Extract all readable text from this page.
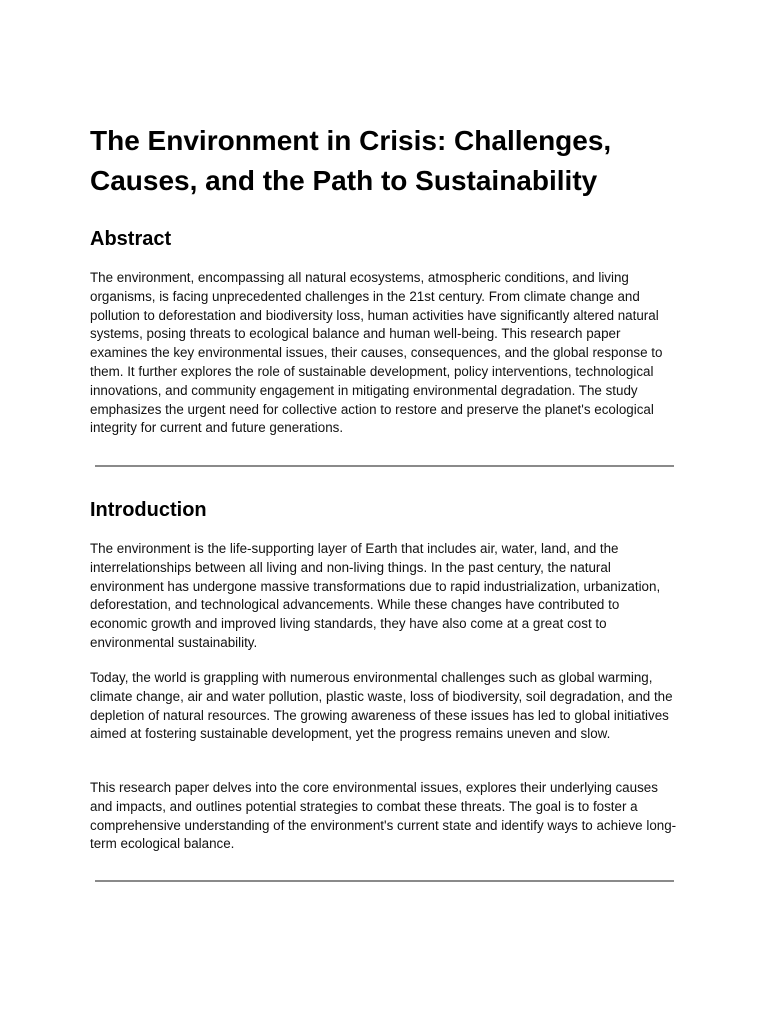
The Environment in Crisis: Challenges, Causes, and the Path to Sustainability
Abstract

The environment, encompassing all natural ecosystems, atmospheric conditions, and living organisms, is facing unprecedented challenges in the 21st century. From climate change and pollution to deforestation and biodiversity loss, human activities have significantly altered natural systems, posing threats to ecological balance and human well-being. This research paper examines the key environmental issues, their causes, consequences, and the global response to them. It further explores the role of sustainable development, policy interventions, technological innovations, and community engagement in mitigating environmental degradation. The study emphasizes the urgent need for collective action to restore and preserve the planet's ecological integrity for current and future generations.

Introduction

The environment is the life-supporting layer of Earth that includes air, water, land, and the interrelationships between all living and non-living things. In the past century, the natural environment has undergone massive transformations due to rapid industrialization, urbanization, deforestation, and technological advancements. While these changes have contributed to economic growth and improved living standards, they have also come at a great cost to environmental sustainability.

Today, the world is grappling with numerous environmental challenges such as global warming, climate change, air and water pollution, plastic waste, loss of biodiversity, soil degradation, and the depletion of natural resources. The growing awareness of these issues has led to global initiatives aimed at fostering sustainable development, yet the progress remains uneven and slow.

This research paper delves into the core environmental issues, explores their underlying causes and impacts, and outlines potential strategies to combat these threats. The goal is to foster a comprehensive understanding of the environment's current state and identify ways to achieve long-term ecological balance.
